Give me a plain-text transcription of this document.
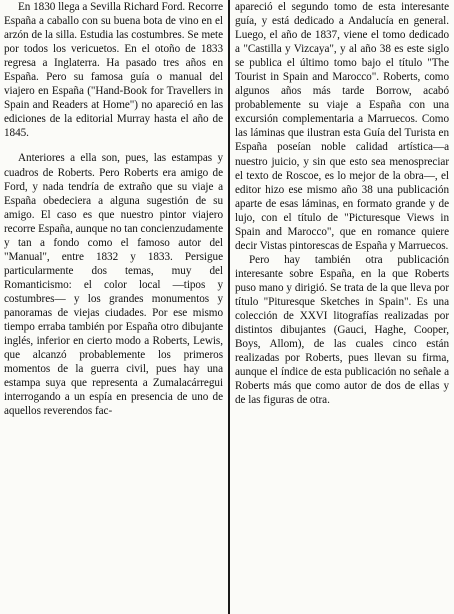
En 1830 llega a Sevilla Richard Ford. Recorre España a caballo con su buena bota de vino en el arzón de la silla. Estudia las costumbres. Se mete por todos los vericuetos. En el otoño de 1833 regresa a Inglaterra. Ha pasado tres años en España. Pero su famosa guía o manual del viajero en España ("Hand-Book for Travellers in Spain and Readers at Home") no apareció en las ediciones de la editorial Murray hasta el año de 1845.

Anteriores a ella son, pues, las estampas y cuadros de Roberts. Pero Roberts era amigo de Ford, y nada tendría de extraño que su viaje a España obedeciera a alguna sugestión de su amigo. El caso es que nuestro pintor viajero recorre España, aunque no tan concienzudamente y tan a fondo como el famoso autor del "Manual", entre 1832 y 1833. Persigue particularmente dos temas, muy del Romanticismo: el color local —tipos y costumbres— y los grandes monumentos y panoramas de viejas ciudades. Por ese mismo tiempo erraba también por España otro dibujante inglés, inferior en cierto modo a Roberts, Lewis, que alcanzó probablemente los primeros momentos de la guerra civil, pues hay una estampa suya que representa a Zumalacárregui interrogando a un espía en presencia de uno de aquellos reverendos fac-

apareció el segundo tomo de esta interesante guía, y está dedicado a Andalucía en general. Luego, el año de 1837, viene el tomo dedicado a "Castilla y Vizcaya", y al año 38 es este siglo se publica el último tomo bajo el título "The Tourist in Spain and Marocco". Roberts, como algunos años más tarde Borrow, acabó probablemente su viaje a España con una excursión complementaria a Marruecos. Como las láminas que ilustran esta Guía del Turista en España poseían noble calidad artística—a nuestro juicio, y sin que esto sea menospreciar el texto de Roscoe, es lo mejor de la obra—, el editor hizo ese mismo año 38 una publicación aparte de esas láminas, en formato grande y de lujo, con el título de "Picturesque Views in Spain and Marocco", que en romance quiere decir Vistas pintorescas de España y Marruecos.

Pero hay también otra publicación interesante sobre España, en la que Roberts puso mano y dirigió. Se trata de la que lleva por título "Pituresque Sketches in Spain". Es una colección de XXVI litografías realizadas por distintos dibujantes (Gauci, Haghe, Cooper, Boys, Allom), de las cuales cinco están realizadas por Roberts, pues llevan su firma, aunque el índice de esta publicación no señale a Roberts más que como autor de dos de ellas y de las figuras de otra.
